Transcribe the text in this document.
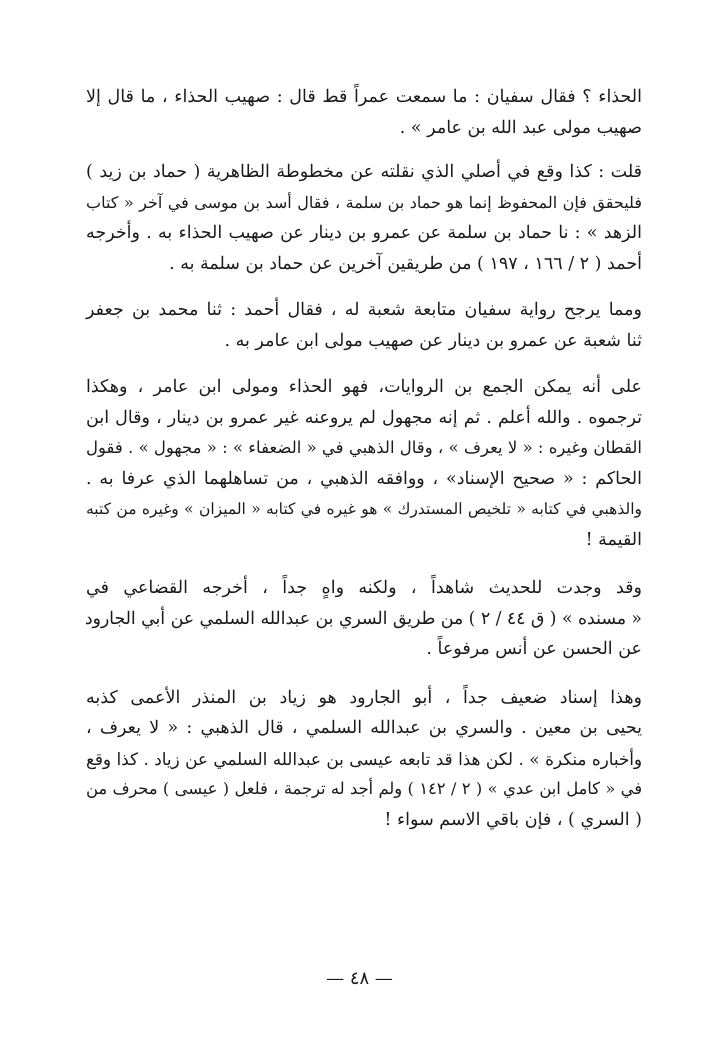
الحذاء ؟ فقال سفيان : ما سمعت عمراً قط قال : صهيب الحذاء ، ما قال إلا
صهيب مولى عبد الله بن عامر » .
قلت : كذا وقع في أصلي الذي نقلته عن مخطوطة الظاهرية ( حماد بن زيد )
فليحقق فإن المحفوظ إنما هو حماد بن سلمة ، فقال أسد بن موسى في آخر « كتاب
الزهد » : نا حماد بن سلمة عن عمرو بن دينار عن صهيب الحذاء به . وأخرجه
أحمد ( ٢ / ١٦٦ ، ١٩٧ ) من طريقين آخرين عن حماد بن سلمة به .
ومما يرجح رواية سفيان متابعة شعبة له ، فقال أحمد : ثنا محمد بن جعفر
ثنا شعبة عن عمرو بن دينار عن صهيب مولى ابن عامر به .
على أنه يمكن الجمع بن الروايات، فهو الحذاء ومولى ابن عامر ، وهكذا
ترجموه . والله أعلم . ثم إنه مجهول لم يروعنه غير عمرو بن دينار ، وقال ابن
القطان وغيره : « لا يعرف » ، وقال الذهبي في « الضعفاء » : « مجهول » . فقول
الحاكم : « صحيح الإسناد» ، ووافقه الذهبي ، من تساهلهما الذي عرفا به .
والذهبي في كتابه « تلخيص المستدرك » هو غيره في كتابه « الميزان » وغيره من كتبه
القيمة !
وقد وجدت للحديث شاهداً ، ولكنه واهٍ جداً ، أخرجه القضاعي في
« مسنده » ( ق ٤٤ / ٢ ) من طريق السري بن عبدالله السلمي عن أبي الجارود
عن الحسن عن أنس مرفوعاً .
وهذا إسناد ضعيف جداً ، أبو الجارود هو زياد بن المنذر الأعمى كذبه
يحيى بن معين . والسري بن عبدالله السلمي ، قال الذهبي : « لا يعرف ،
وأخباره منكرة » . لكن هذا قد تابعه عيسى بن عبدالله السلمي عن زياد . كذا وقع
في « كامل ابن عدي » ( ٢ / ١٤٢ ) ولم أجد له ترجمة ، فلعل ( عيسى ) محرف من
( السري ) ، فإن باقي الاسم سواء !
— ٤٨ —
